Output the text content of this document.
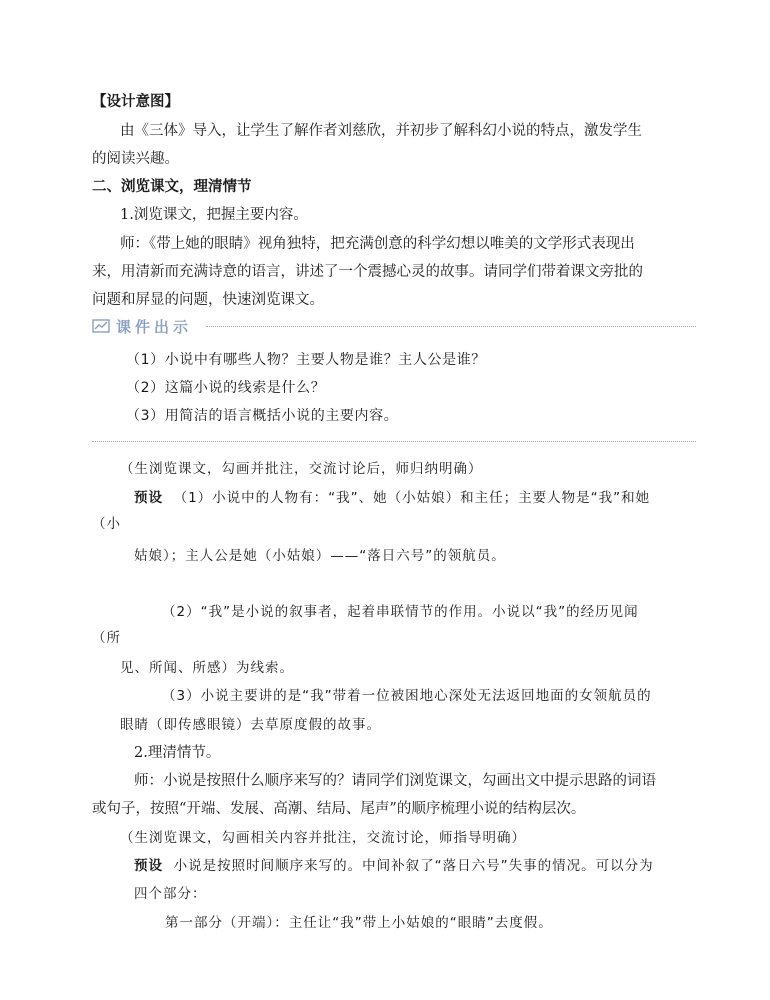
【设计意图】
由《三体》导入，让学生了解作者刘慈欣，并初步了解科幻小说的特点，激发学生
的阅读兴趣。
二、浏览课文，理清情节
1.浏览课文，把握主要内容。
师：《带上她的眼睛》视角独特，把充满创意的科学幻想以唯美的文学形式表现出
来，用清新而充满诗意的语言，讲述了一个震撼心灵的故事。请同学们带着课文旁批的
问题和屏显的问题，快速浏览课文。
课件出示
（1）小说中有哪些人物？主要人物是谁？主人公是谁？
（2）这篇小说的线索是什么？
（3）用简洁的语言概括小说的主要内容。
（生浏览课文，勾画并批注，交流讨论后，师归纳明确）
预设 （1）小说中的人物有：“我”、她（小姑娘）和主任；主要人物是“我”和她
（小
姑娘）；主人公是她（小姑娘）——“落日六号”的领航员。
（2）“我”是小说的叙事者，起着串联情节的作用。小说以“我”的经历见闻
（所
见、所闻、所感）为线索。
（3）小说主要讲的是“我”带着一位被困地心深处无法返回地面的女领航员的
眼睛（即传感眼镜）去草原度假的故事。
2.理清情节。
师：小说是按照什么顺序来写的？请同学们浏览课文，勾画出文中提示思路的词语
或句子，按照“开端、发展、高潮、结局、尾声”的顺序梳理小说的结构层次。
（生浏览课文，勾画相关内容并批注，交流讨论，师指导明确）
预设 小说是按照时间顺序来写的。中间补叙了“落日六号”失事的情况。可以分为
四个部分：
第一部分（开端）：主任让“我”带上小姑娘的“眼睛”去度假。
